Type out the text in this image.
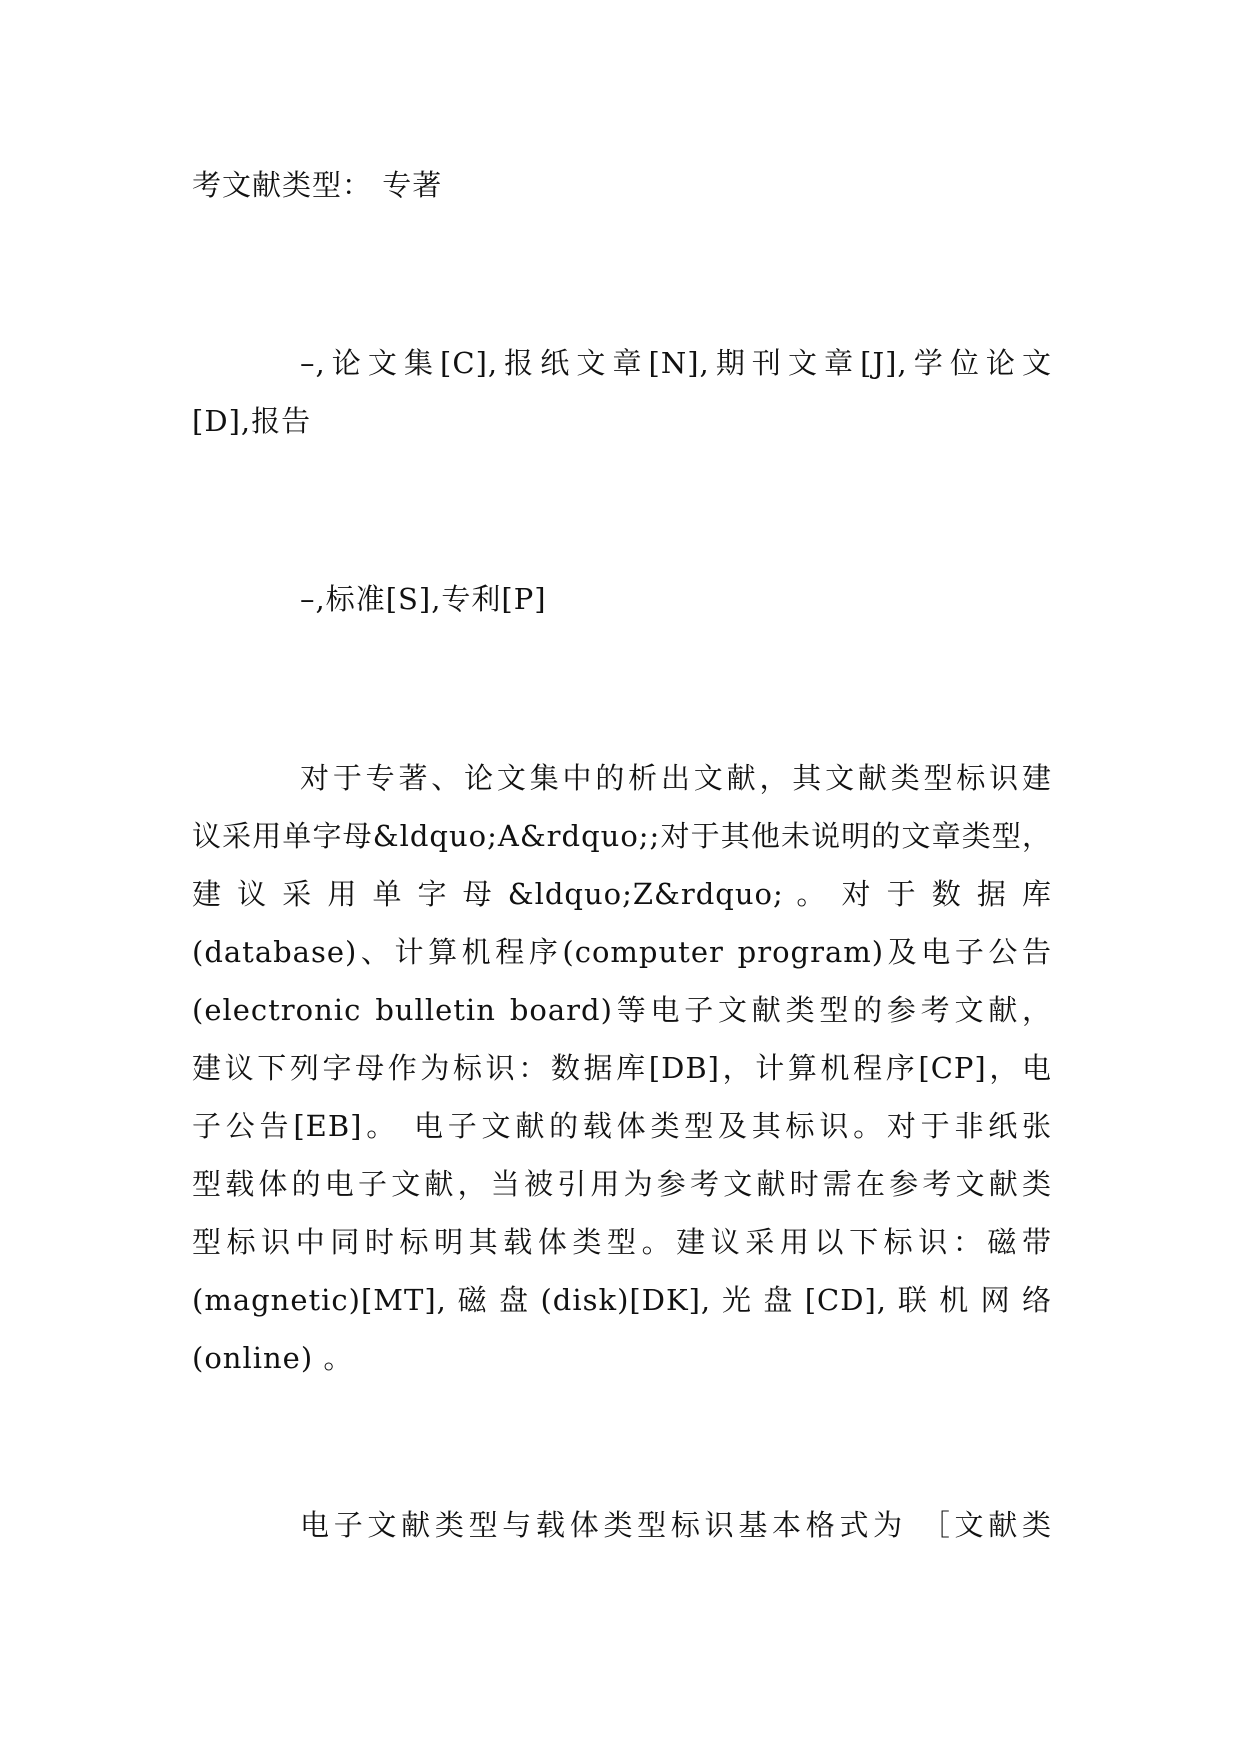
考文献类型： 专著

–,论文集[C],报纸文章[N],期刊文章[J],学位论文
[D],报告

–,标准[S],专利[P]

对于专著、论文集中的析出文献，其文献类型标识建
议采用单字母&ldquo;A&rdquo;;对于其他未说明的文章类型，
建 议 采 用 单 字 母 &ldquo;Z&rdquo; 。 对 于 数 据 库
(database)、计算机程序(computer program)及电子公告
(electronic bulletin board)等电子文献类型的参考文献，
建议下列字母作为标识：数据库[DB]，计算机程序[CP]，电
子公告[EB]。 电子文献的载体类型及其标识。对于非纸张
型载体的电子文献，当被引用为参考文献时需在参考文献类
型标识中同时标明其载体类型。建议采用以下标识：磁带
(magnetic)[MT], 磁 盘 (disk)[DK], 光 盘 [CD], 联 机 网 络
(online) 。

电子文献类型与载体类型标识基本格式为 ［文献类
